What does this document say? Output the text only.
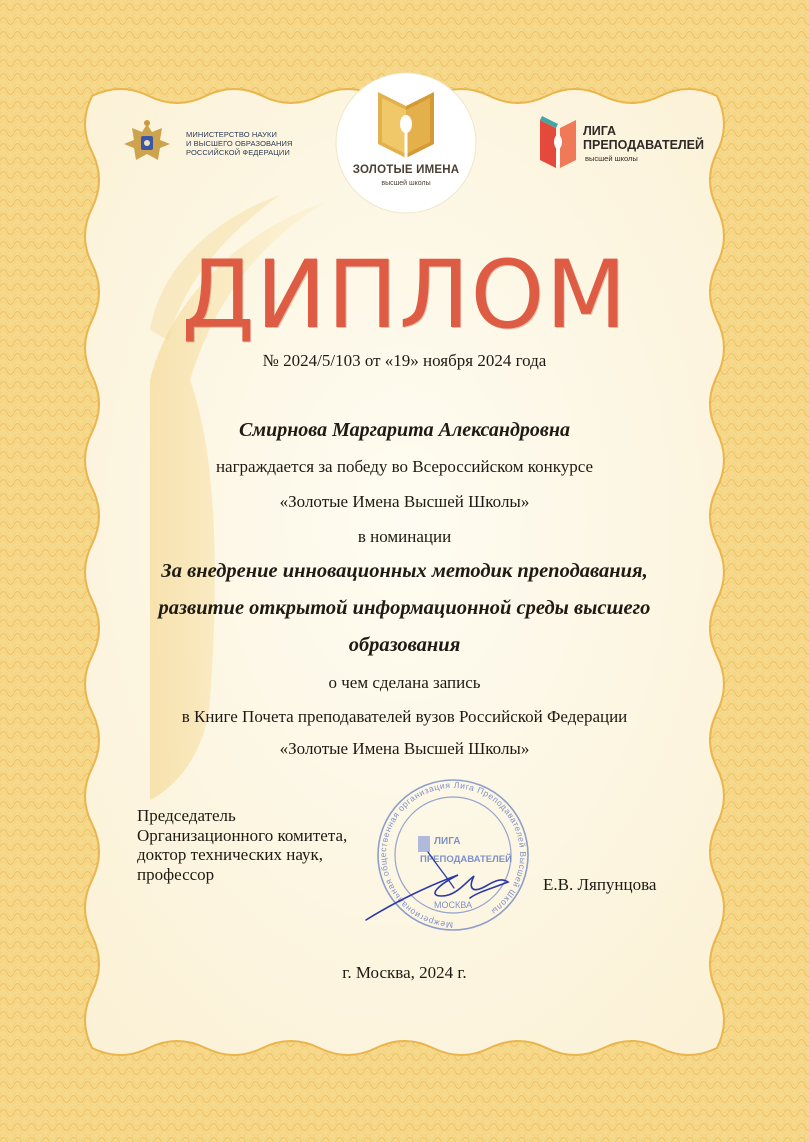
МИНИСТЕРСТВО НАУКИ
И ВЫСШЕГО ОБРАЗОВАНИЯ
РОССИЙСКОЙ ФЕДЕРАЦИИ
ЗОЛОТЫЕ ИМЕНА
высшей школы
ЛИГА
ПРЕПОДАВАТЕЛЕЙ
высшей школы
ДИПЛОМ
№ 2024/5/103 от «19» ноября 2024 года
Смирнова Маргарита Александровна
награждается за победу во Всероссийском конкурсе
«Золотые Имена Высшей Школы»
в номинации
За внедрение инновационных методик преподавания,
развитие открытой информационной среды высшего
образования
о чем сделана запись
в Книге Почета преподавателей вузов Российской Федерации
«Золотые Имена Высшей Школы»
Межрегиональная общественная организация Лига Преподавателей Высшей Школы
ЛИГА
ПРЕПОДАВАТЕЛЕЙ
МОСКВА
Председатель
Организационного комитета,
доктор технических наук,
профессор
Е.В. Ляпунцова
г. Москва, 2024 г.
